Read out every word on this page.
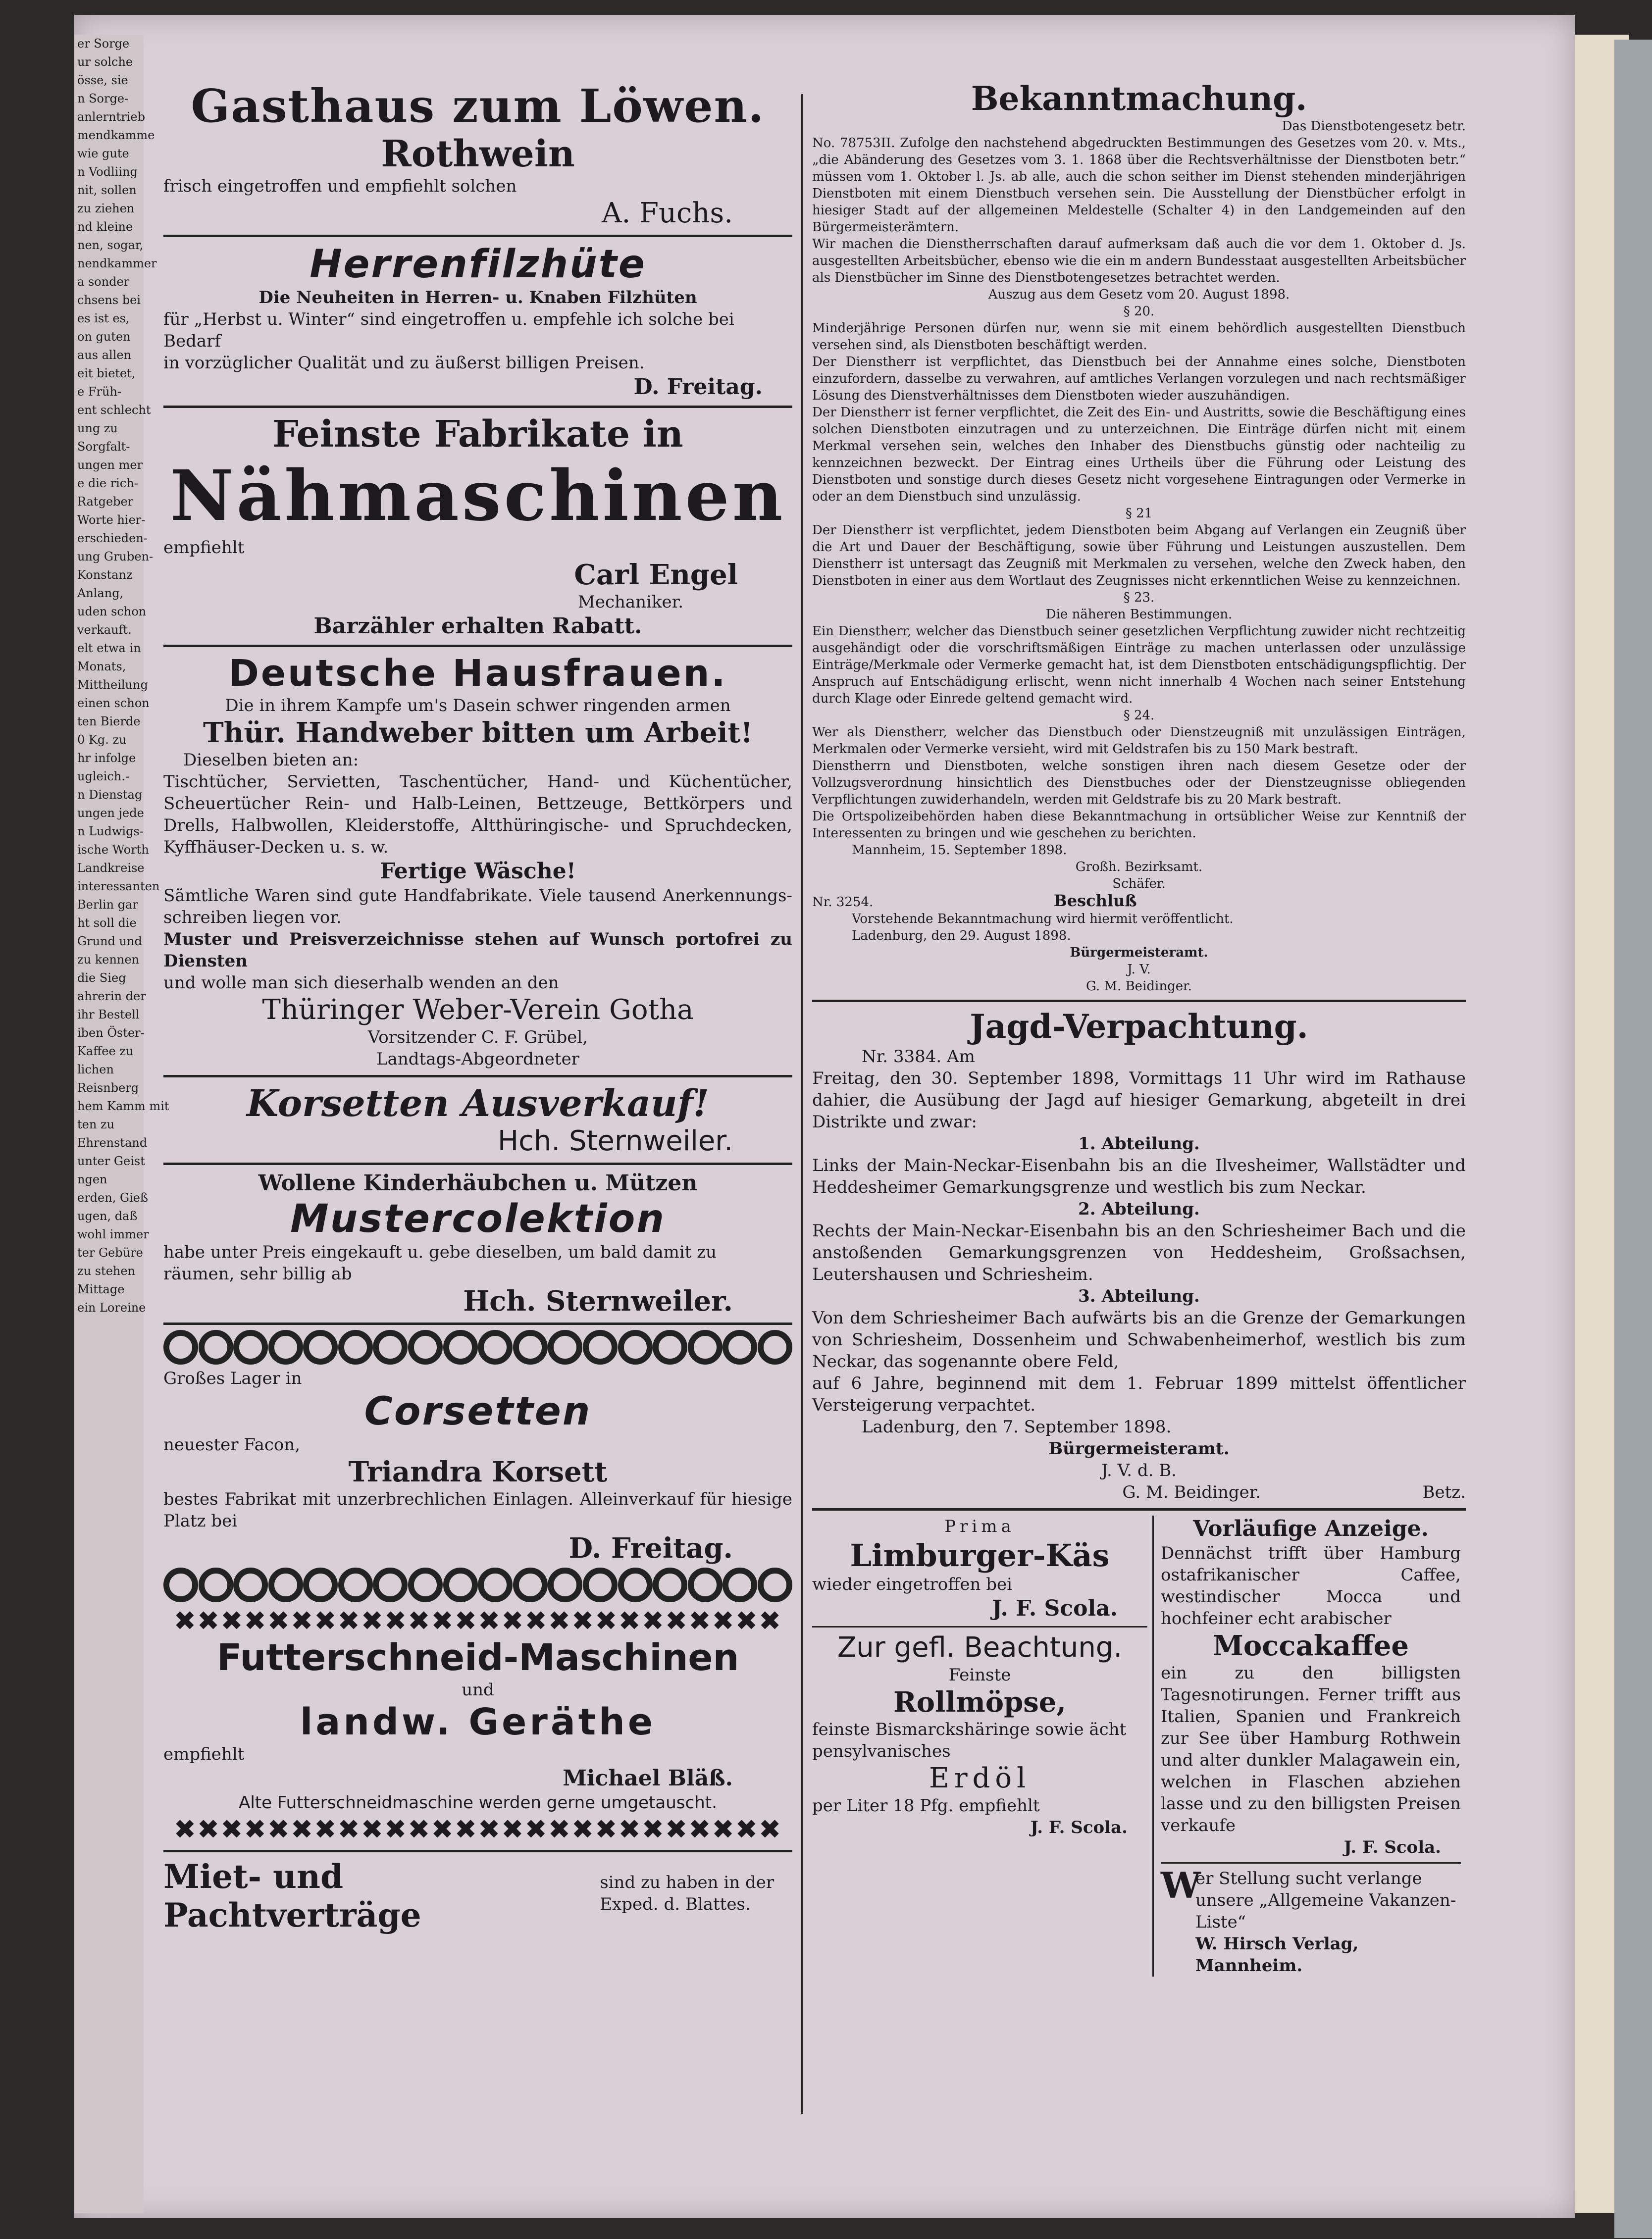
er Sorge
ur solche
össe, sie
n Sorge-
anlerntrieb
mendkamme
wie gute
n Vodliing
nit, sollen
zu ziehen
nd kleine
nen, sogar,
nendkammer
a sonder
chsens bei
es ist es,
on guten
aus allen
eit bietet,
e Früh-
ent schlecht
ung zu
Sorgfalt-
ungen mer
e die rich-
Ratgeber
Worte hier-
erschieden-
ung Gruben-
Konstanz
Anlang,
uden schon
verkauft.
elt etwa in
Monats,
Mittheilung
einen schon
ten Bierde
0 Kg. zu
hr infolge
ugleich.-
n Dienstag
ungen jede
n Ludwigs-
ische Worth
Landkreise
interessanten
Berlin gar
ht soll die
Grund und
zu kennen
die Sieg
ahrerin der
ihr Bestell
iben Öster-
Kaffee zu
lichen
Reisnberg
hem Kamm mit
ten zu
Ehrenstand
unter Geist
ngen
erden, Gieß
ugen, daß
wohl immer
ter Gebüre
zu stehen
Mittage
ein Loreine
Gasthaus zum Löwen.
Rothwein
frisch eingetroffen und empfiehlt solchen
A. Fuchs.
Herrenfilzhüte
Die Neuheiten in Herren- u. Knaben Filzhüten
für „Herbst u. Winter“ sind eingetroffen u. empfehle ich solche bei Bedarf
in vorzüglicher Qualität und zu äußerst billigen Preisen.
D. Freitag.
Feinste Fabrikate in
Nähmaschinen
empfiehlt
Carl Engel
Mechaniker.
Barzähler erhalten Rabatt.
Deutsche Hausfrauen.
Die in ihrem Kampfe um's Dasein schwer ringenden armen
Thür. Handweber bitten um Arbeit!
Dieselben bieten an:
Tischtücher, Servietten, Taschentücher, Hand- und Küchentücher, Scheuertücher Rein- und Halb-Leinen, Bettzeuge, Bettkörpers und Drells, Halbwollen, Kleiderstoffe, Altthüringische- und Spruchdecken, Kyffhäuser-Decken u. s. w.
Fertige Wäsche!
Sämtliche Waren sind gute Handfabrikate. Viele tausend Anerkennungs- schreiben liegen vor.
Muster und Preisverzeichnisse stehen auf Wunsch portofrei zu Diensten
und wolle man sich dieserhalb wenden an den
Thüringer Weber-Verein Gotha
Vorsitzender C. F. Grübel,
Landtags-Abgeordneter
Korsetten Ausverkauf!
Hch. Sternweiler.
Wollene Kinderhäubchen u. Mützen
Mustercolektion
habe unter Preis eingekauft u. gebe dieselben, um bald damit zu räumen, sehr billig ab
Hch. Sternweiler.
Großes Lager in
Corsetten
neuester Facon,
Triandra Korsett
bestes Fabrikat mit unzerbrechlichen Einlagen. Alleinverkauf für hiesige Platz bei
D. Freitag.
✖✖✖✖✖✖✖✖✖✖✖✖✖✖✖✖✖✖✖✖✖✖✖✖✖✖
Futterschneid-Maschinen
und
landw. Geräthe
empfiehlt
Michael Bläß.
Alte Futterschneidmaschine werden gerne umgetauscht.
✖✖✖✖✖✖✖✖✖✖✖✖✖✖✖✖✖✖✖✖✖✖✖✖✖✖
Miet- und Pachtverträge
sind zu haben in der Exped. d. Blattes.
Bekanntmachung.

Das Dienstbotengesetz betr.

No. 78753II. Zufolge den nachstehend abgedruckten Bestimmungen des Gesetzes vom 20. v. Mts., „die Abänderung des Gesetzes vom 3. 1. 1868 über die Rechtsverhältnisse der Dienstboten betr.“ müssen vom 1. Oktober l. Js. ab alle, auch die schon seither im Dienst stehenden minderjährigen Dienstboten mit einem Dienstbuch versehen sein. Die Ausstellung der Dienstbücher erfolgt in hiesiger Stadt auf der allgemeinen Meldestelle (Schalter 4) in den Landgemeinden auf den Bürgermeisterämtern.

Wir machen die Dienstherrschaften darauf aufmerksam daß auch die vor dem 1. Oktober d. Js. ausgestellten Arbeitsbücher, ebenso wie die ein m andern Bundesstaat ausgestellten Arbeitsbücher als Dienstbücher im Sinne des Dienstbotengesetzes betrachtet werden.

Auszug aus dem Gesetz vom 20. August 1898.

§ 20.

Minderjährige Personen dürfen nur, wenn sie mit einem behördlich ausgestellten Dienstbuch versehen sind, als Dienstboten beschäftigt werden.

Der Dienstherr ist verpflichtet, das Dienstbuch bei der Annahme eines solche, Dienstboten einzufordern, dasselbe zu verwahren, auf amtliches Verlangen vorzulegen und nach rechtsmäßiger Lösung des Dienstverhältnisses dem Dienstboten wieder auszuhändigen.

Der Dienstherr ist ferner verpflichtet, die Zeit des Ein- und Austritts, sowie die Beschäftigung eines solchen Dienstboten einzutragen und zu unterzeichnen. Die Einträge dürfen nicht mit einem Merkmal versehen sein, welches den Inhaber des Dienstbuchs günstig oder nachteilig zu kennzeichnen bezweckt. Der Eintrag eines Urtheils über die Führung oder Leistung des Dienstboten und sonstige durch dieses Gesetz nicht vorgesehene Eintragungen oder Vermerke in oder an dem Dienstbuch sind unzulässig.

§ 21

Der Dienstherr ist verpflichtet, jedem Dienstboten beim Abgang auf Verlangen ein Zeugniß über die Art und Dauer der Beschäftigung, sowie über Führung und Leistungen auszustellen. Dem Dienstherr ist untersagt das Zeugniß mit Merkmalen zu versehen, welche den Zweck haben, den Dienstboten in einer aus dem Wortlaut des Zeugnisses nicht erkenntlichen Weise zu kennzeichnen.

§ 23.

Die näheren Bestimmungen.

Ein Dienstherr, welcher das Dienstbuch seiner gesetzlichen Verpflichtung zuwider nicht rechtzeitig ausgehändigt oder die vorschriftsmäßigen Einträge zu machen unterlassen oder unzulässige Einträge/Merkmale oder Vermerke gemacht hat, ist dem Dienstboten entschädigungspflichtig. Der Anspruch auf Entschädigung erlischt, wenn nicht innerhalb 4 Wochen nach seiner Entstehung durch Klage oder Einrede geltend gemacht wird.

§ 24.

Wer als Dienstherr, welcher das Dienstbuch oder Dienstzeugniß mit unzulässigen Einträgen, Merkmalen oder Vermerke versieht, wird mit Geldstrafen bis zu 150 Mark bestraft.

Dienstherrn und Dienstboten, welche sonstigen ihren nach diesem Gesetze oder der Vollzugsverordnung hinsichtlich des Dienstbuches oder der Dienstzeugnisse obliegenden Verpflichtungen zuwiderhandeln, werden mit Geldstrafe bis zu 20 Mark bestraft.

Die Ortspolizeibehörden haben diese Bekanntmachung in ortsüblicher Weise zur Kenntniß der Interessenten zu bringen und wie geschehen zu berichten.

Mannheim, 15. September 1898.

Großh. Bezirksamt.

Schäfer.

Nr. 3254.	Beschluß

Vorstehende Bekanntmachung wird hiermit veröffentlicht.

Ladenburg, den 29. August 1898.

Bürgermeisteramt.

J. V.

G. M. Beidinger.

Jagd-Verpachtung.

Nr. 3384. Am

Freitag, den 30. September 1898, Vormittags 11 Uhr wird im Rathause dahier, die Ausübung der Jagd auf hiesiger Gemarkung, abgeteilt in drei Distrikte und zwar:

1. Abteilung.

Links der Main-Neckar-Eisenbahn bis an die Ilvesheimer, Wallstädter und Heddesheimer Gemarkungsgrenze und westlich bis zum Neckar.

2. Abteilung.

Rechts der Main-Neckar-Eisenbahn bis an den Schriesheimer Bach und die anstoßenden Gemarkungsgrenzen von Heddesheim, Großsachsen, Leutershausen und Schriesheim.

3. Abteilung.

Von dem Schriesheimer Bach aufwärts bis an die Grenze der Gemarkungen von Schriesheim, Dossenheim und Schwabenheimerhof, westlich bis zum Neckar, das sogenannte obere Feld,

auf 6 Jahre, beginnend mit dem 1. Februar 1899 mittelst öffentlicher Versteigerung verpachtet.

Ladenburg, den 7. September 1898.

Bürgermeisteramt.

J. V. d. B.

G. M. Beidinger.	Betz.
Prima
Limburger-Käs
wieder eingetroffen bei
J. F. Scola.
Zur gefl. Beachtung.
Feinste
Rollmöpse,
feinste Bismarckshäringe sowie ächt pensylvanisches
Erdöl
per Liter 18 Pfg. empfiehlt
J. F. Scola.
Vorläufige Anzeige.
Dennächst trifft über Hamburg ostafrikanischer Caffee, westindischer Mocca und hochfeiner echt arabischer
Moccakaffee
ein zu den billigsten Tagesnotirungen. Ferner trifft aus Italien, Spanien und Frankreich zur See über Hamburg Rothwein und alter dunkler Malagawein ein, welchen in Flaschen abziehen lasse und zu den billigsten Preisen verkaufe
J. F. Scola.
W
er Stellung sucht verlange unsere „Allgemeine Vakanzen-Liste“
W. Hirsch Verlag, Mannheim.
